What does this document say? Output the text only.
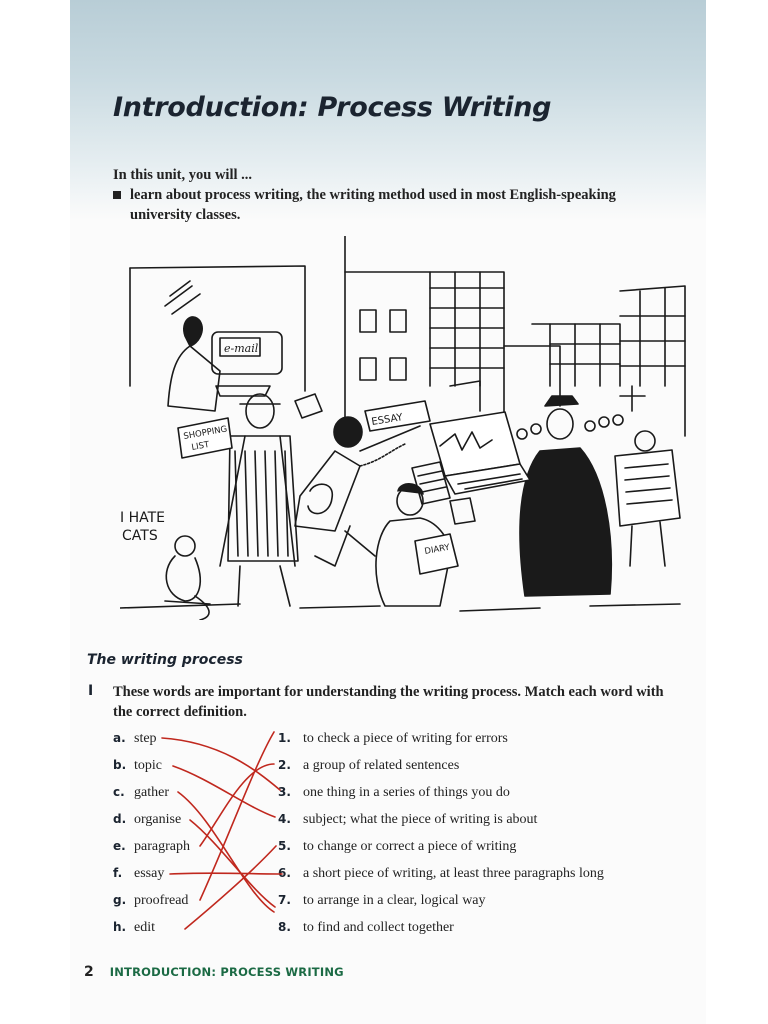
Introduction: Process Writing
In this unit, you will ...
learn about process writing, the writing method used in most English-speaking university classes.
e-mail
SHOPPING
LIST
I HATE
CATS
ESSAY
DIARY
The writing process
I These words are important for understanding the writing process. Match each word with the correct definition.
a. step
b. topic
c. gather
d. organise
e. paragraph
f. essay
g. proofread
h. edit
1. to check a piece of writing for errors
2. a group of related sentences
3. one thing in a series of things you do
4. subject; what the piece of writing is about
5. to change or correct a piece of writing
6. a short piece of writing, at least three paragraphs long
7. to arrange in a clear, logical way
8. to find and collect together
2 INTRODUCTION: PROCESS WRITING
